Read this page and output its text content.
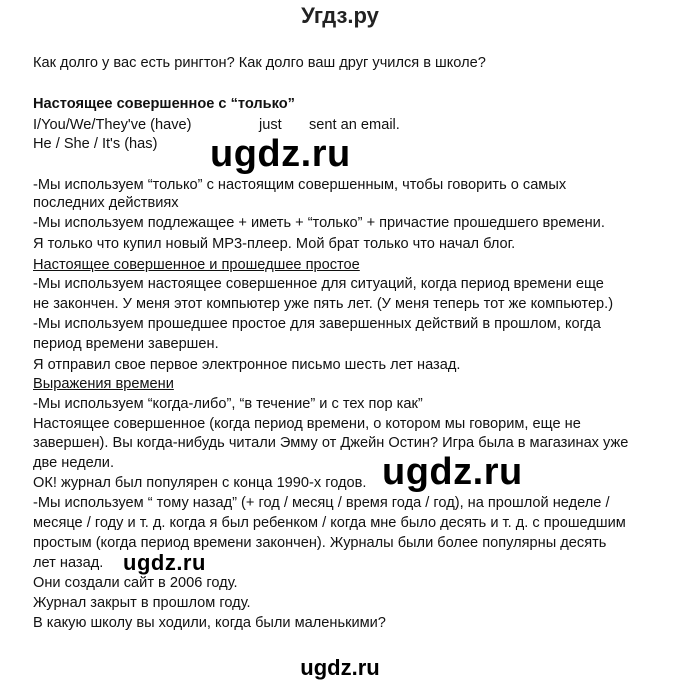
Угдз.ру
Как долго у вас есть рингтон? Как долго ваш друг учился в школе?
Настоящее совершенное с “только”
I/You/We/They've (have)	just sent an email.
He / She / It's (has)
-Мы используем “только” с настоящим совершенным, чтобы говорить о самых
последних действиях
-Мы используем подлежащее + иметь + “только” + причастие прошедшего времени.
Я только что купил новый MP3-плеер. Мой брат только что начал блог.
Настоящее совершенное и прошедшее простое
-Мы используем настоящее совершенное для ситуаций, когда период времени еще
не закончен. У меня этот компьютер уже пять лет. (У меня теперь тот же компьютер.)
-Мы используем прошедшее простое для завершенных действий в прошлом, когда
период времени завершен.
Я отправил свое первое электронное письмо шесть лет назад.
Выражения времени
-Мы используем “когда-либо”, “в течение” и с тех пор как”
Настоящее совершенное (когда период времени, о котором мы говорим, еще не
завершен). Вы когда-нибудь читали Эмму от Джейн Остин? Игра была в магазинах уже
две недели.
ОК! журнал был популярен с конца 1990-х годов.
-Мы используем “ тому назад” (+ год / месяц / время года / год), на прошлой неделе /
месяце / году и т. д. когда я был ребенком / когда мне было десять и т. д. с прошедшим
простым (когда период времени закончен). Журналы были более популярны десять
лет назад.
Они создали сайт в 2006 году.
Журнал закрыт в прошлом году.
В какую школу вы ходили, когда были маленькими?
ugdz.ru
ugdz.ru
ugdz.ru
ugdz.ru
